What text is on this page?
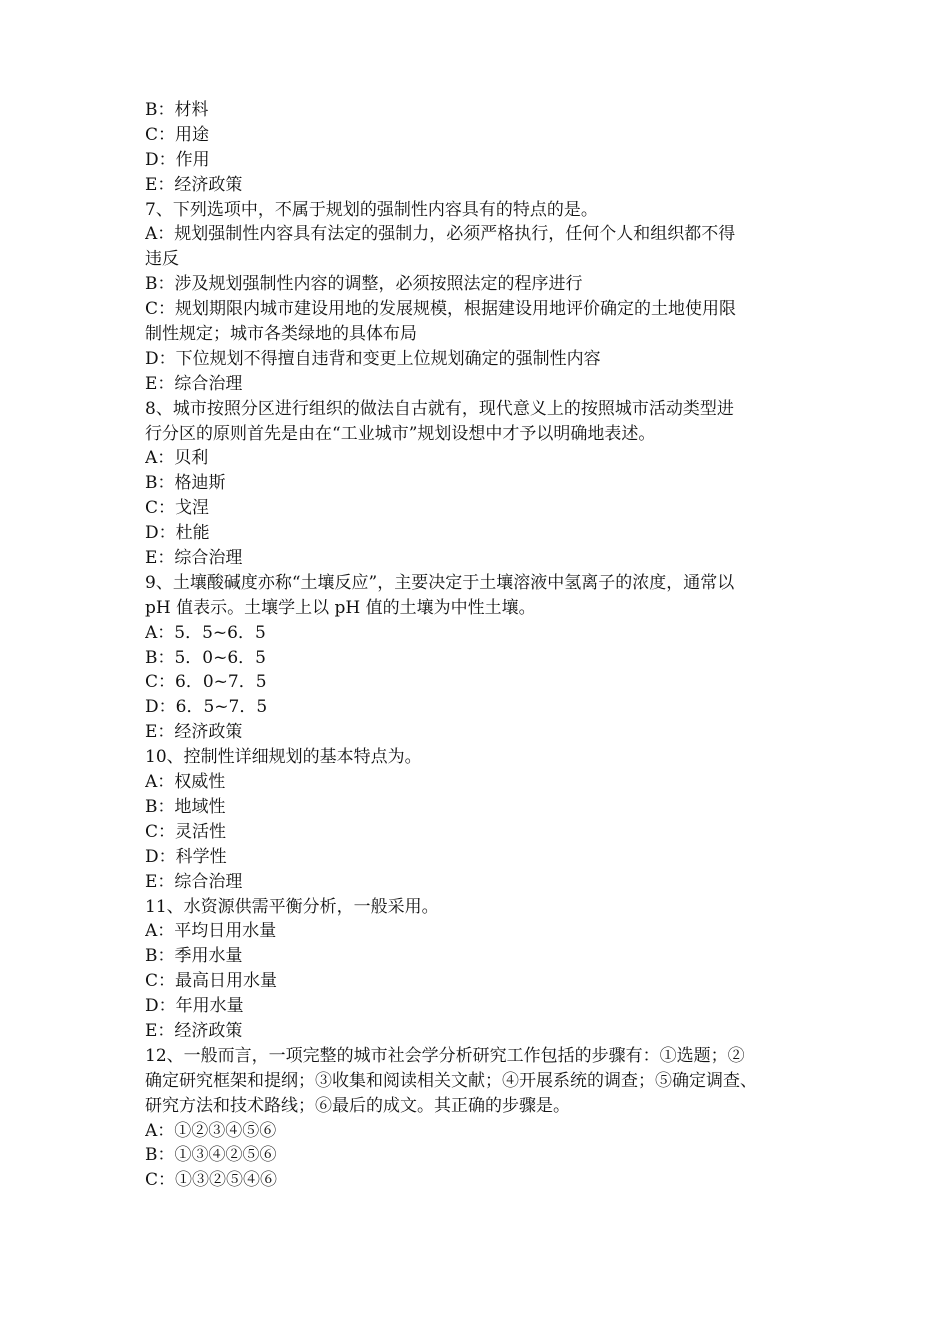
B：材料
C：用途
D：作用
E：经济政策
7、下列选项中，不属于规划的强制性内容具有的特点的是。
A：规划强制性内容具有法定的强制力，必须严格执行，任何个人和组织都不得
违反
B：涉及规划强制性内容的调整，必须按照法定的程序进行
C：规划期限内城市建设用地的发展规模，根据建设用地评价确定的土地使用限
制性规定；城市各类绿地的具体布局
D：下位规划不得擅自违背和变更上位规划确定的强制性内容
E：综合治理
8、城市按照分区进行组织的做法自古就有，现代意义上的按照城市活动类型进
行分区的原则首先是由在“工业城市”规划设想中才予以明确地表述。
A：贝利
B：格迪斯
C：戈涅
D：杜能
E：综合治理
9、土壤酸碱度亦称“土壤反应”，主要决定于土壤溶液中氢离子的浓度，通常以
pH 值表示。土壤学上以 pH 值的土壤为中性土壤。
A：5．5~6．5
B：5．0~6．5
C：6．0~7．5
D：6．5~7．5
E：经济政策
10、控制性详细规划的基本特点为。
A：权威性
B：地域性
C：灵活性
D：科学性
E：综合治理
11、水资源供需平衡分析，一般采用。
A：平均日用水量
B：季用水量
C：最高日用水量
D：年用水量
E：经济政策
12、一般而言，一项完整的城市社会学分析研究工作包括的步骤有：①选题；②
确定研究框架和提纲；③收集和阅读相关文献；④开展系统的调查；⑤确定调查、
研究方法和技术路线；⑥最后的成文。其正确的步骤是。
A：①②③④⑤⑥
B：①③④②⑤⑥
C：①③②⑤④⑥
